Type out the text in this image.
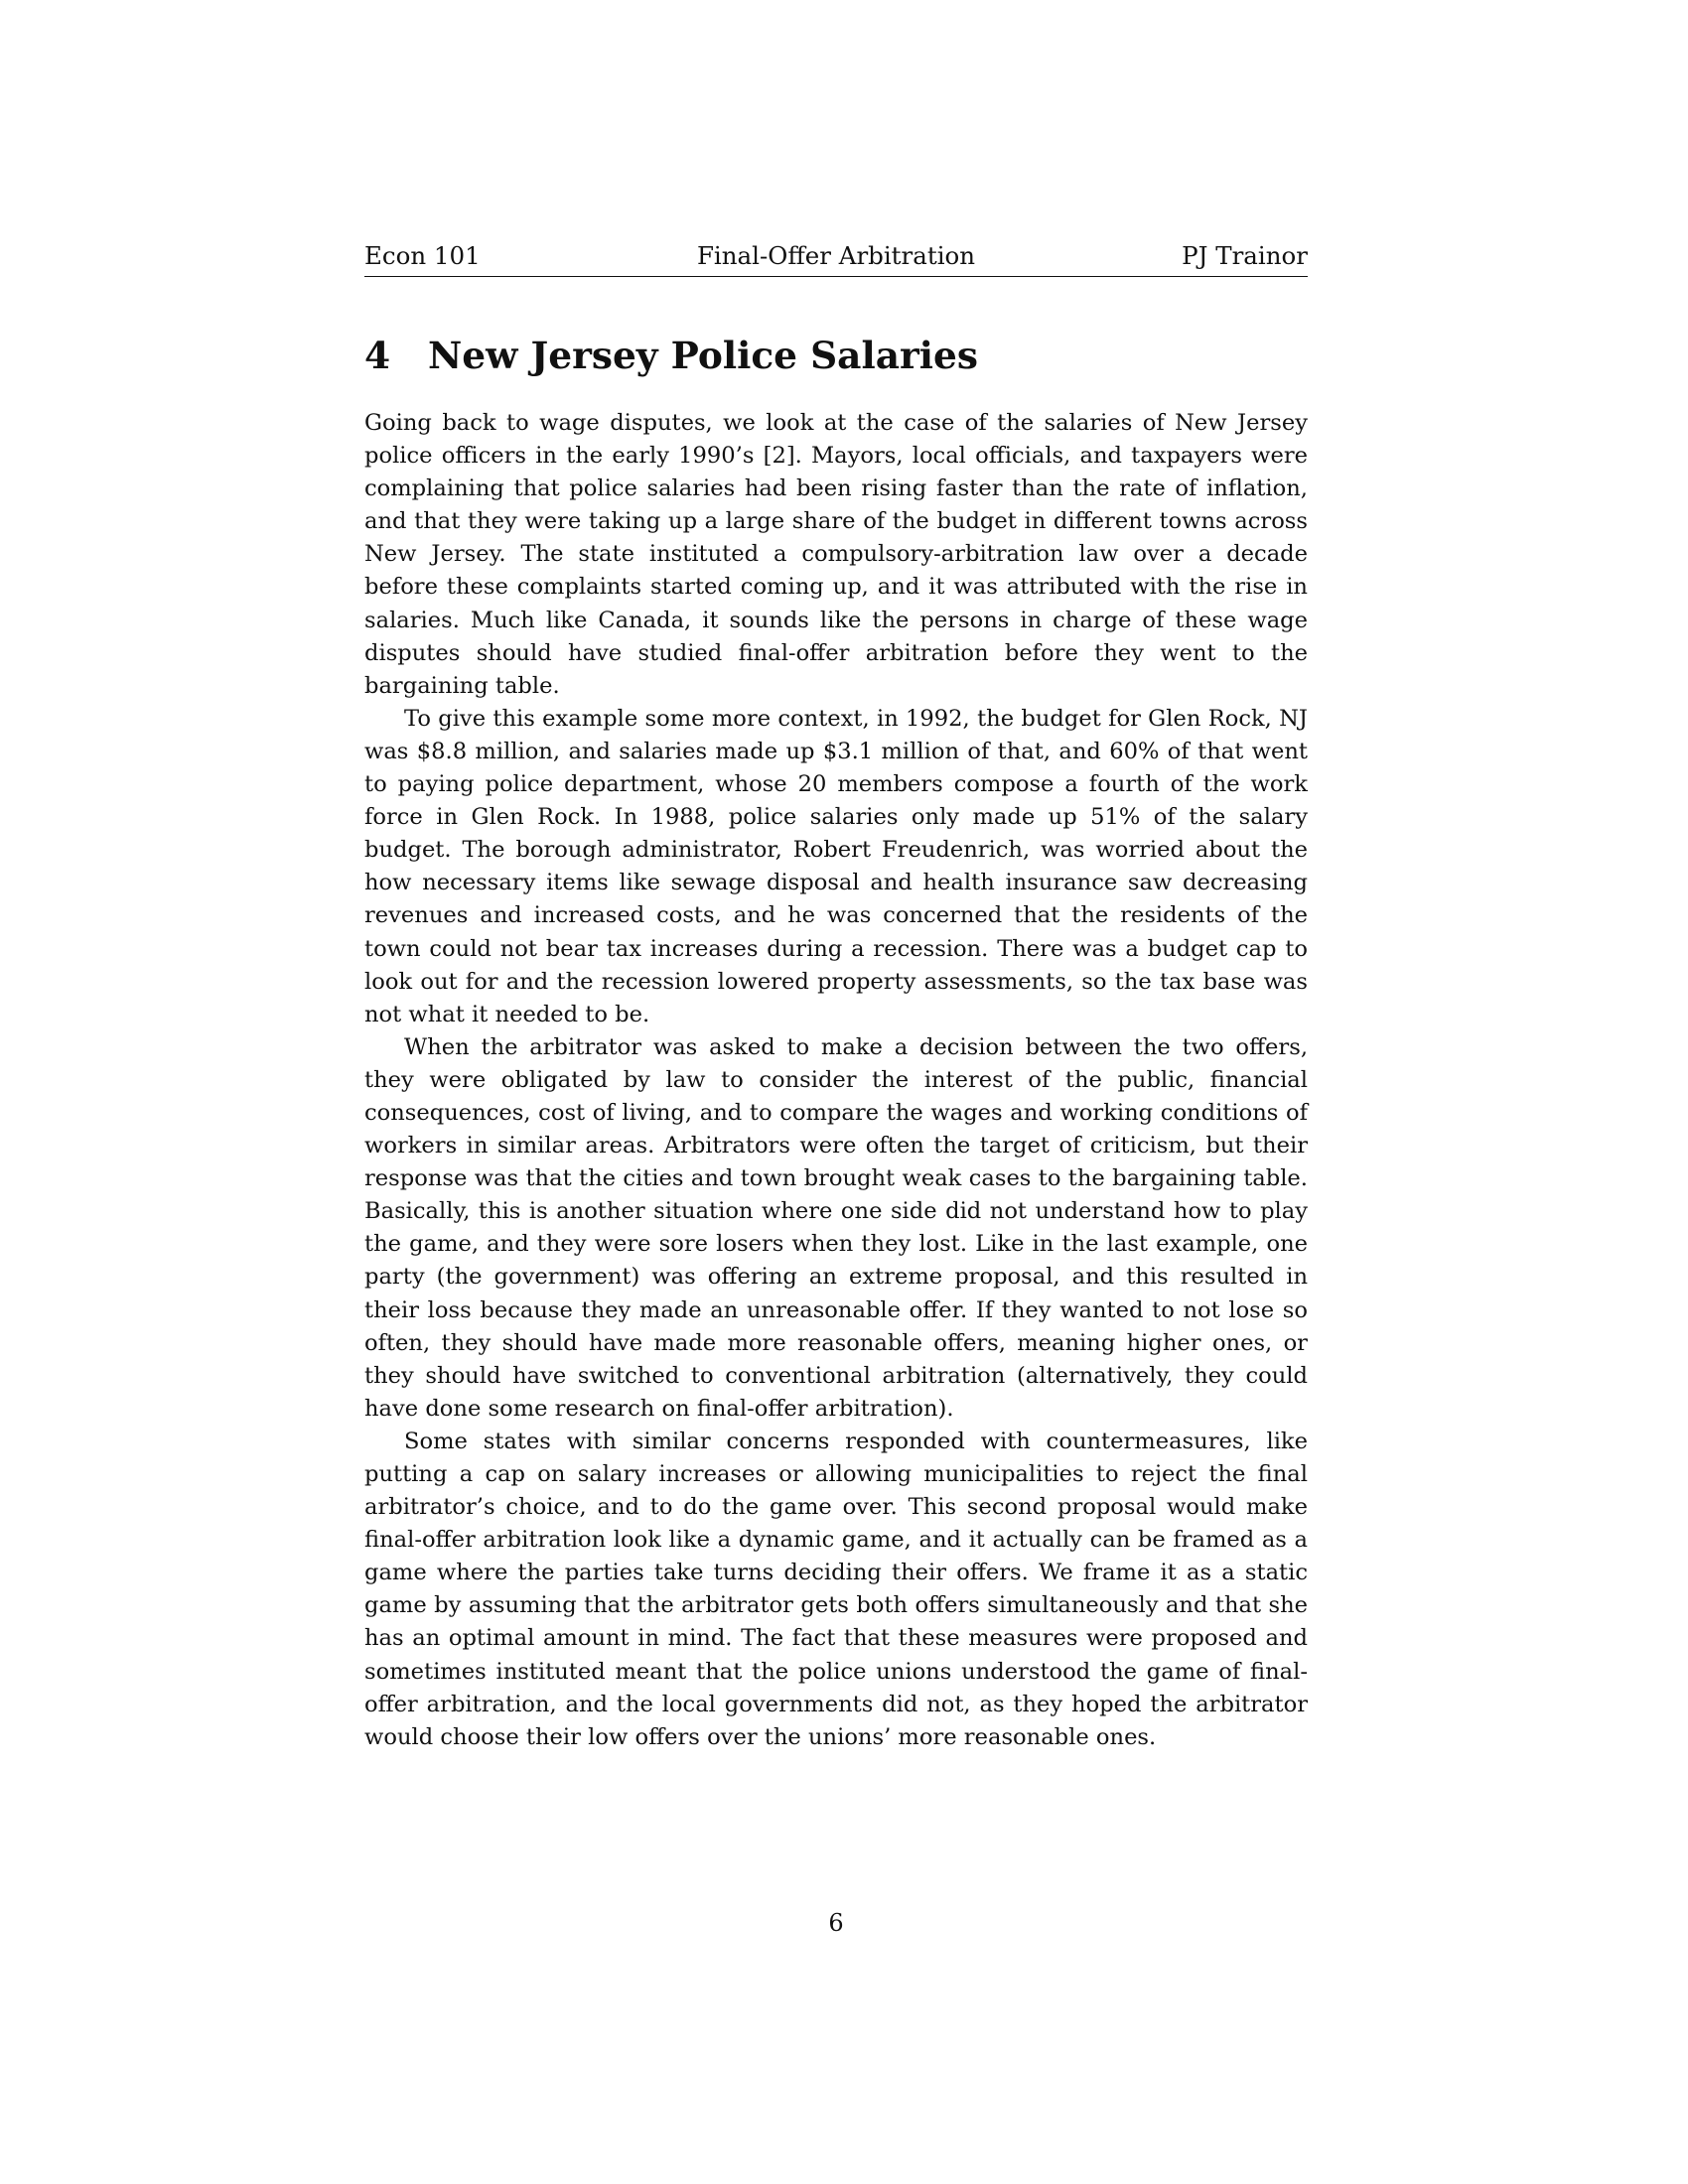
Econ 101	Final-Offer Arbitration	PJ Trainor
4 New Jersey Police Salaries

Going back to wage disputes, we look at the case of the salaries of New Jersey police officers in the early 1990’s [2]. Mayors, local officials, and taxpayers were complaining that police salaries had been rising faster than the rate of inflation, and that they were taking up a large share of the budget in different towns across New Jersey. The state instituted a compulsory-arbitration law over a decade before these complaints started coming up, and it was attributed with the rise in salaries. Much like Canada, it sounds like the persons in charge of these wage disputes should have studied final-offer arbitration before they went to the bargaining table.

To give this example some more context, in 1992, the budget for Glen Rock, NJ was $8.8 million, and salaries made up $3.1 million of that, and 60% of that went to paying police department, whose 20 members compose a fourth of the work force in Glen Rock. In 1988, police salaries only made up 51% of the salary budget. The borough administrator, Robert Freudenrich, was worried about the how necessary items like sewage disposal and health insurance saw decreasing revenues and increased costs, and he was concerned that the residents of the town could not bear tax increases during a recession. There was a budget cap to look out for and the recession lowered property assessments, so the tax base was not what it needed to be.

When the arbitrator was asked to make a decision between the two offers, they were obligated by law to consider the interest of the public, financial consequences, cost of living, and to compare the wages and working conditions of workers in similar areas. Arbitrators were often the target of criticism, but their response was that the cities and town brought weak cases to the bargaining table. Basically, this is another situation where one side did not understand how to play the game, and they were sore losers when they lost. Like in the last example, one party (the government) was offering an extreme proposal, and this resulted in their loss because they made an unreasonable offer. If they wanted to not lose so often, they should have made more reasonable offers, meaning higher ones, or they should have switched to conventional arbitration (alternatively, they could have done some research on final-offer arbitration).

Some states with similar concerns responded with countermeasures, like putting a cap on salary increases or allowing municipalities to reject the final arbitrator’s choice, and to do the game over. This second proposal would make final-offer arbitration look like a dynamic game, and it actually can be framed as a game where the parties take turns deciding their offers. We frame it as a static game by assuming that the arbitrator gets both offers simultaneously and that she has an optimal amount in mind. The fact that these measures were proposed and sometimes instituted meant that the police unions understood the game of final-offer arbitration, and the local governments did not, as they hoped the arbitrator would choose their low offers over the unions’ more reasonable ones.

6
